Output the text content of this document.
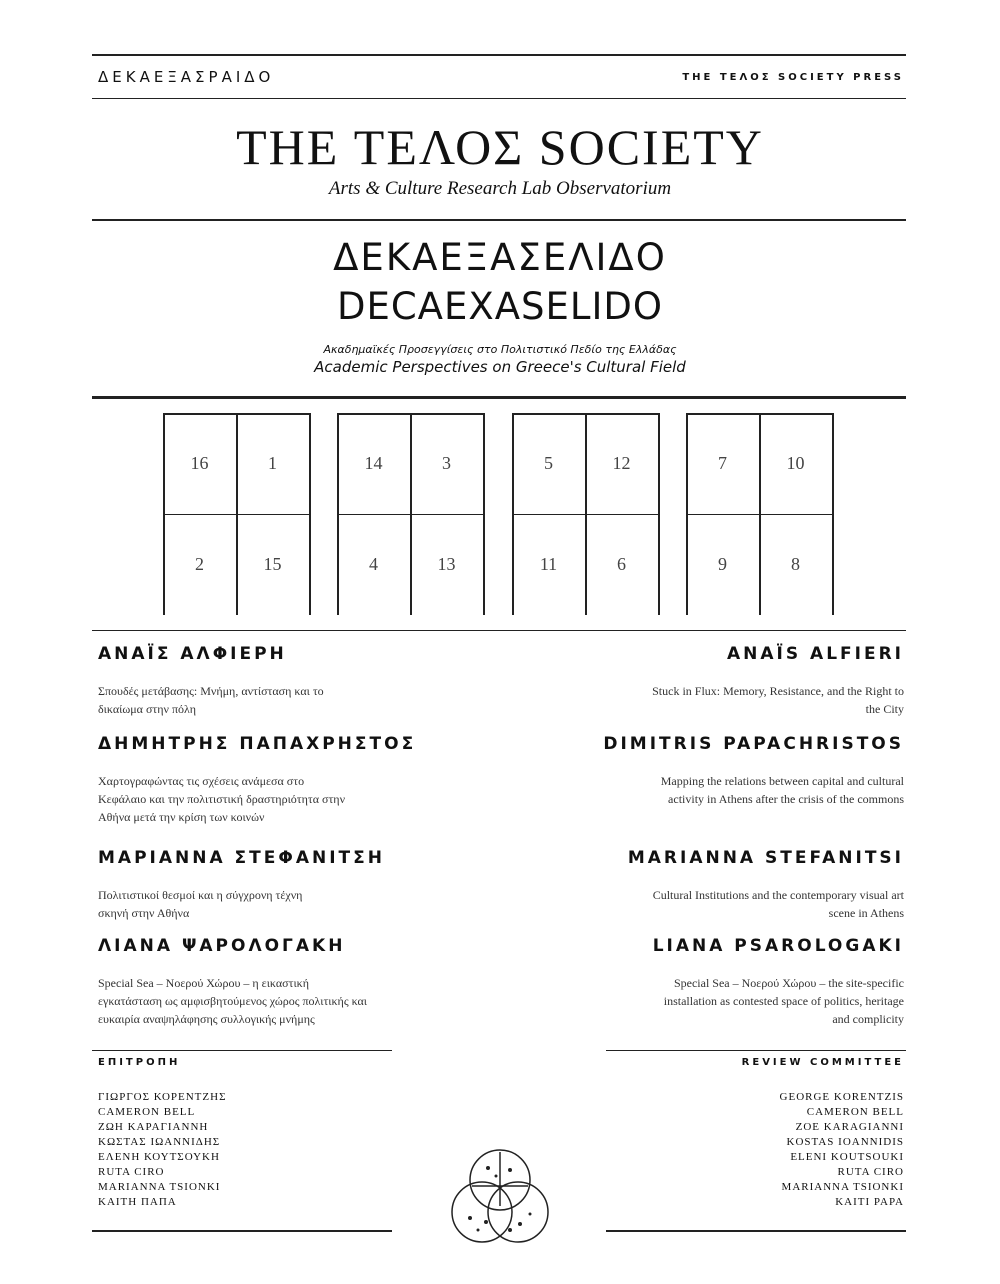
ΔΕΚΑΕΞΑΣΡΑΙΔΟ	THE ΤΕΛΟΣ SOCIETY PRESS
THE ΤΕΛΟΣ SOCIETY
Arts & Culture Research Lab Observatorium
ΔΕΚΑΕΞΑΣΕΛΙΔΟ
DECAEXASELIDO
Ακαδημαϊκές Προσεγγίσεις στο Πολιτιστικό Πεδίο της Ελλάδας
Academic Perspectives on Greece's Cultural Field
16	1	14	3	5	12	7	10
2	15	4	13	11	6	9	8
ΑΝΑΪΣ ΑΛΦΙΕΡΗ	ANAÏS ALFIERI
Σπουδές μετάβασης: Μνήμη, αντίσταση και το
δικαίωμα στην πόλη
Stuck in Flux: Memory, Resistance, and the Right to
the City
ΔΗΜΗΤΡΗΣ ΠΑΠΑΧΡΗΣΤΟΣ	DIMITRIS PAPACHRISTOS
Χαρτογραφώντας τις σχέσεις ανάμεσα στο
Κεφάλαιο και την πολιτιστική δραστηριότητα στην
Αθήνα μετά την κρίση των κοινών
Mapping the relations between capital and cultural
activity in Athens after the crisis of the commons
ΜΑΡΙΑΝΝΑ ΣΤΕΦΑΝΙΤΣΗ	MARIANNA STEFANITSI
Πολιτιστικοί θεσμοί και η σύγχρονη τέχνη
σκηνή στην Αθήνα
Cultural Institutions and the contemporary visual art
scene in Athens
ΛΙΑΝΑ ΨΑΡΟΛΟΓΑΚΗ	LIANA PSAROLOGAKI
Special Sea – Νοερού Χώρου – η εικαστική
εγκατάσταση ως αμφισβητούμενος χώρος πολιτικής και
ευκαιρία αναψηλάφησης συλλογικής μνήμης
Special Sea – Νοερού Χώρου – the site-specific
installation as contested space of politics, heritage
and complicity
ΕΠΙΤΡΟΠΗ	REVIEW COMMITTEE
ΓΙΩΡΓΟΣ ΚΟΡΕΝΤΖΗΣ
CAMERON BELL
ΖΩΗ ΚΑΡΑΓΙΑΝΝΗ
ΚΩΣΤΑΣ ΙΩΑΝΝΙΔΗΣ
ΕΛΕΝΗ ΚΟΥΤΣΟΥΚΗ
RUTA CIRO
MARIANNA TSIONKI
ΚΑΙΤΗ ΠΑΠΑ
GEORGE KORENTZIS
CAMERON BELL
ZOE KARAGIANNI
KOSTAS IOANNIDIS
ELENI KOUTSOUKI
RUTA CIRO
MARIANNA TSIONKI
KAITI PAPA
